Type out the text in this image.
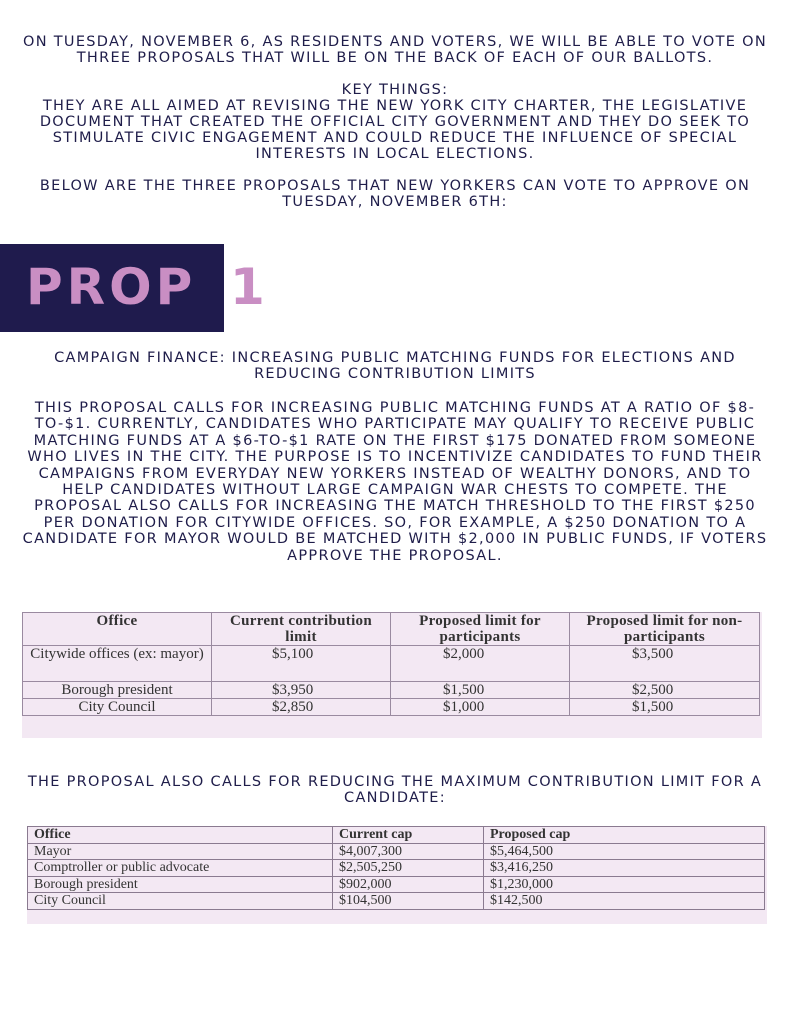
ON TUESDAY, NOVEMBER 6, AS RESIDENTS AND VOTERS, WE WILL BE ABLE TO VOTE ON THREE PROPOSALS THAT WILL BE ON THE BACK OF EACH OF OUR BALLOTS.

KEY THINGS:

THEY ARE ALL AIMED AT REVISING THE NEW YORK CITY CHARTER, THE LEGISLATIVE DOCUMENT THAT CREATED THE OFFICIAL CITY GOVERNMENT AND THEY DO SEEK TO STIMULATE CIVIC ENGAGEMENT AND COULD REDUCE THE INFLUENCE OF SPECIAL INTERESTS IN LOCAL ELECTIONS.

BELOW ARE THE THREE PROPOSALS THAT NEW YORKERS CAN VOTE TO APPROVE ON TUESDAY, NOVEMBER 6TH:

PROP 1

CAMPAIGN FINANCE: INCREASING PUBLIC MATCHING FUNDS FOR ELECTIONS AND REDUCING CONTRIBUTION LIMITS

THIS PROPOSAL CALLS FOR INCREASING PUBLIC MATCHING FUNDS AT A RATIO OF $8-TO-$1. CURRENTLY, CANDIDATES WHO PARTICIPATE MAY QUALIFY TO RECEIVE PUBLIC MATCHING FUNDS AT A $6-TO-$1 RATE ON THE FIRST $175 DONATED FROM SOMEONE WHO LIVES IN THE CITY. THE PURPOSE IS TO INCENTIVIZE CANDIDATES TO FUND THEIR CAMPAIGNS FROM EVERYDAY NEW YORKERS INSTEAD OF WEALTHY DONORS, AND TO HELP CANDIDATES WITHOUT LARGE CAMPAIGN WAR CHESTS TO COMPETE. THE PROPOSAL ALSO CALLS FOR INCREASING THE MATCH THRESHOLD TO THE FIRST $250 PER DONATION FOR CITYWIDE OFFICES. SO, FOR EXAMPLE, A $250 DONATION TO A CANDIDATE FOR MAYOR WOULD BE MATCHED WITH $2,000 IN PUBLIC FUNDS, IF VOTERS APPROVE THE PROPOSAL.

Office	Current contribution limit	Proposed limit for participants	Proposed limit for non-participants
Citywide offices (ex: mayor)	$5,100	$2,000	$3,500
Borough president	$3,950	$1,500	$2,500
City Council	$2,850	$1,000	$1,500

THE PROPOSAL ALSO CALLS FOR REDUCING THE MAXIMUM CONTRIBUTION LIMIT FOR A CANDIDATE:

Office	Current cap	Proposed cap
Mayor	$4,007,300	$5,464,500
Comptroller or public advocate	$2,505,250	$3,416,250
Borough president	$902,000	$1,230,000
City Council	$104,500	$142,500
